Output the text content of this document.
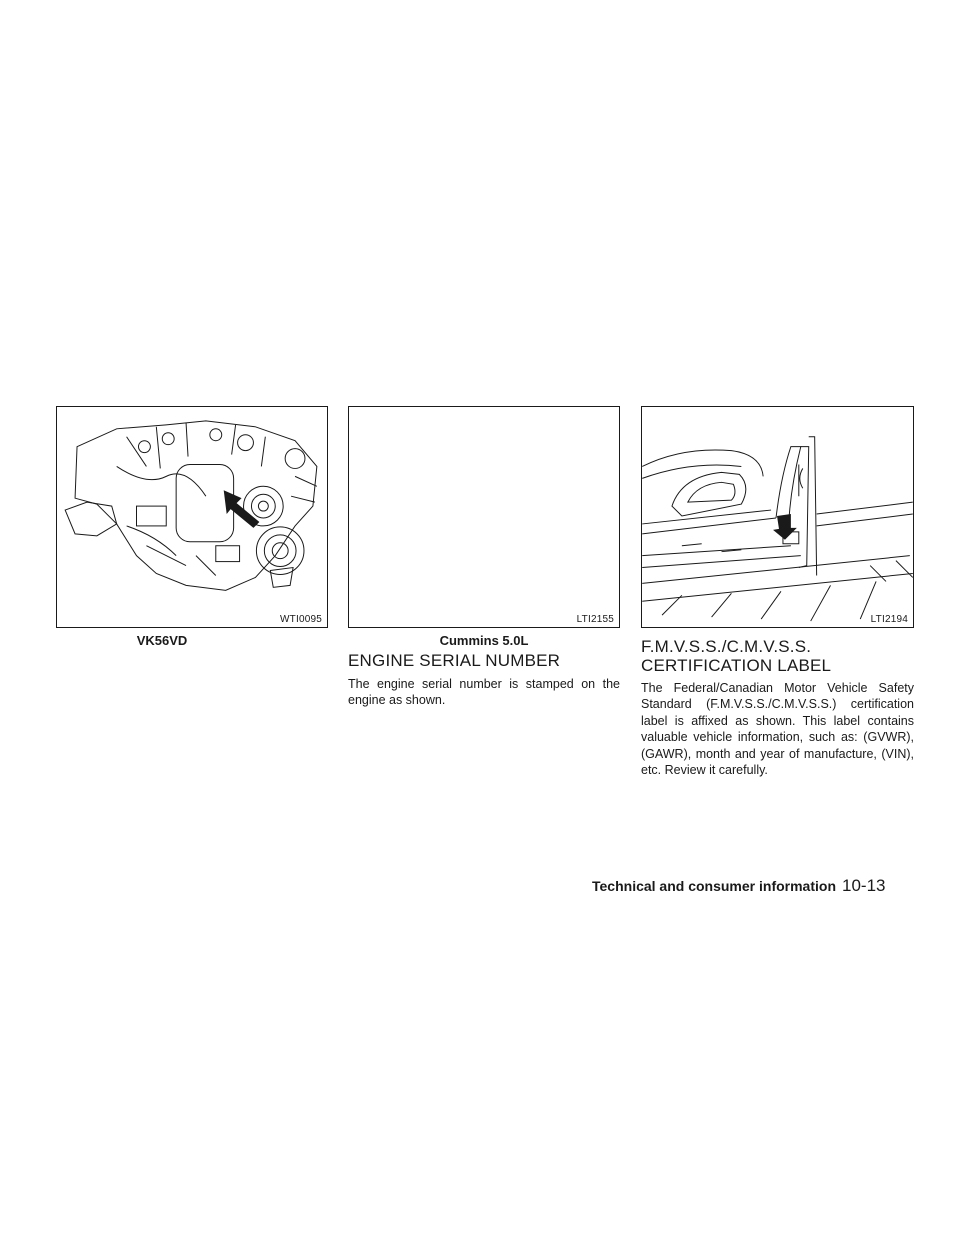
WTI0095	LTI2155	LTI2194
VK56VD	Cummins 5.0L
ENGINE SERIAL NUMBER

The engine serial number is stamped on the engine as shown.

F.M.V.S.S./C.M.V.S.S.
CERTIFICATION LABEL

The Federal/Canadian Motor Vehicle Safety Standard (F.M.V.S.S./C.M.V.S.S.) certification label is affixed as shown. This label contains valuable vehicle information, such as: (GVWR), (GAWR), month and year of manufacture, (VIN), etc. Review it carefully.

Technical and consumer information 10-13
